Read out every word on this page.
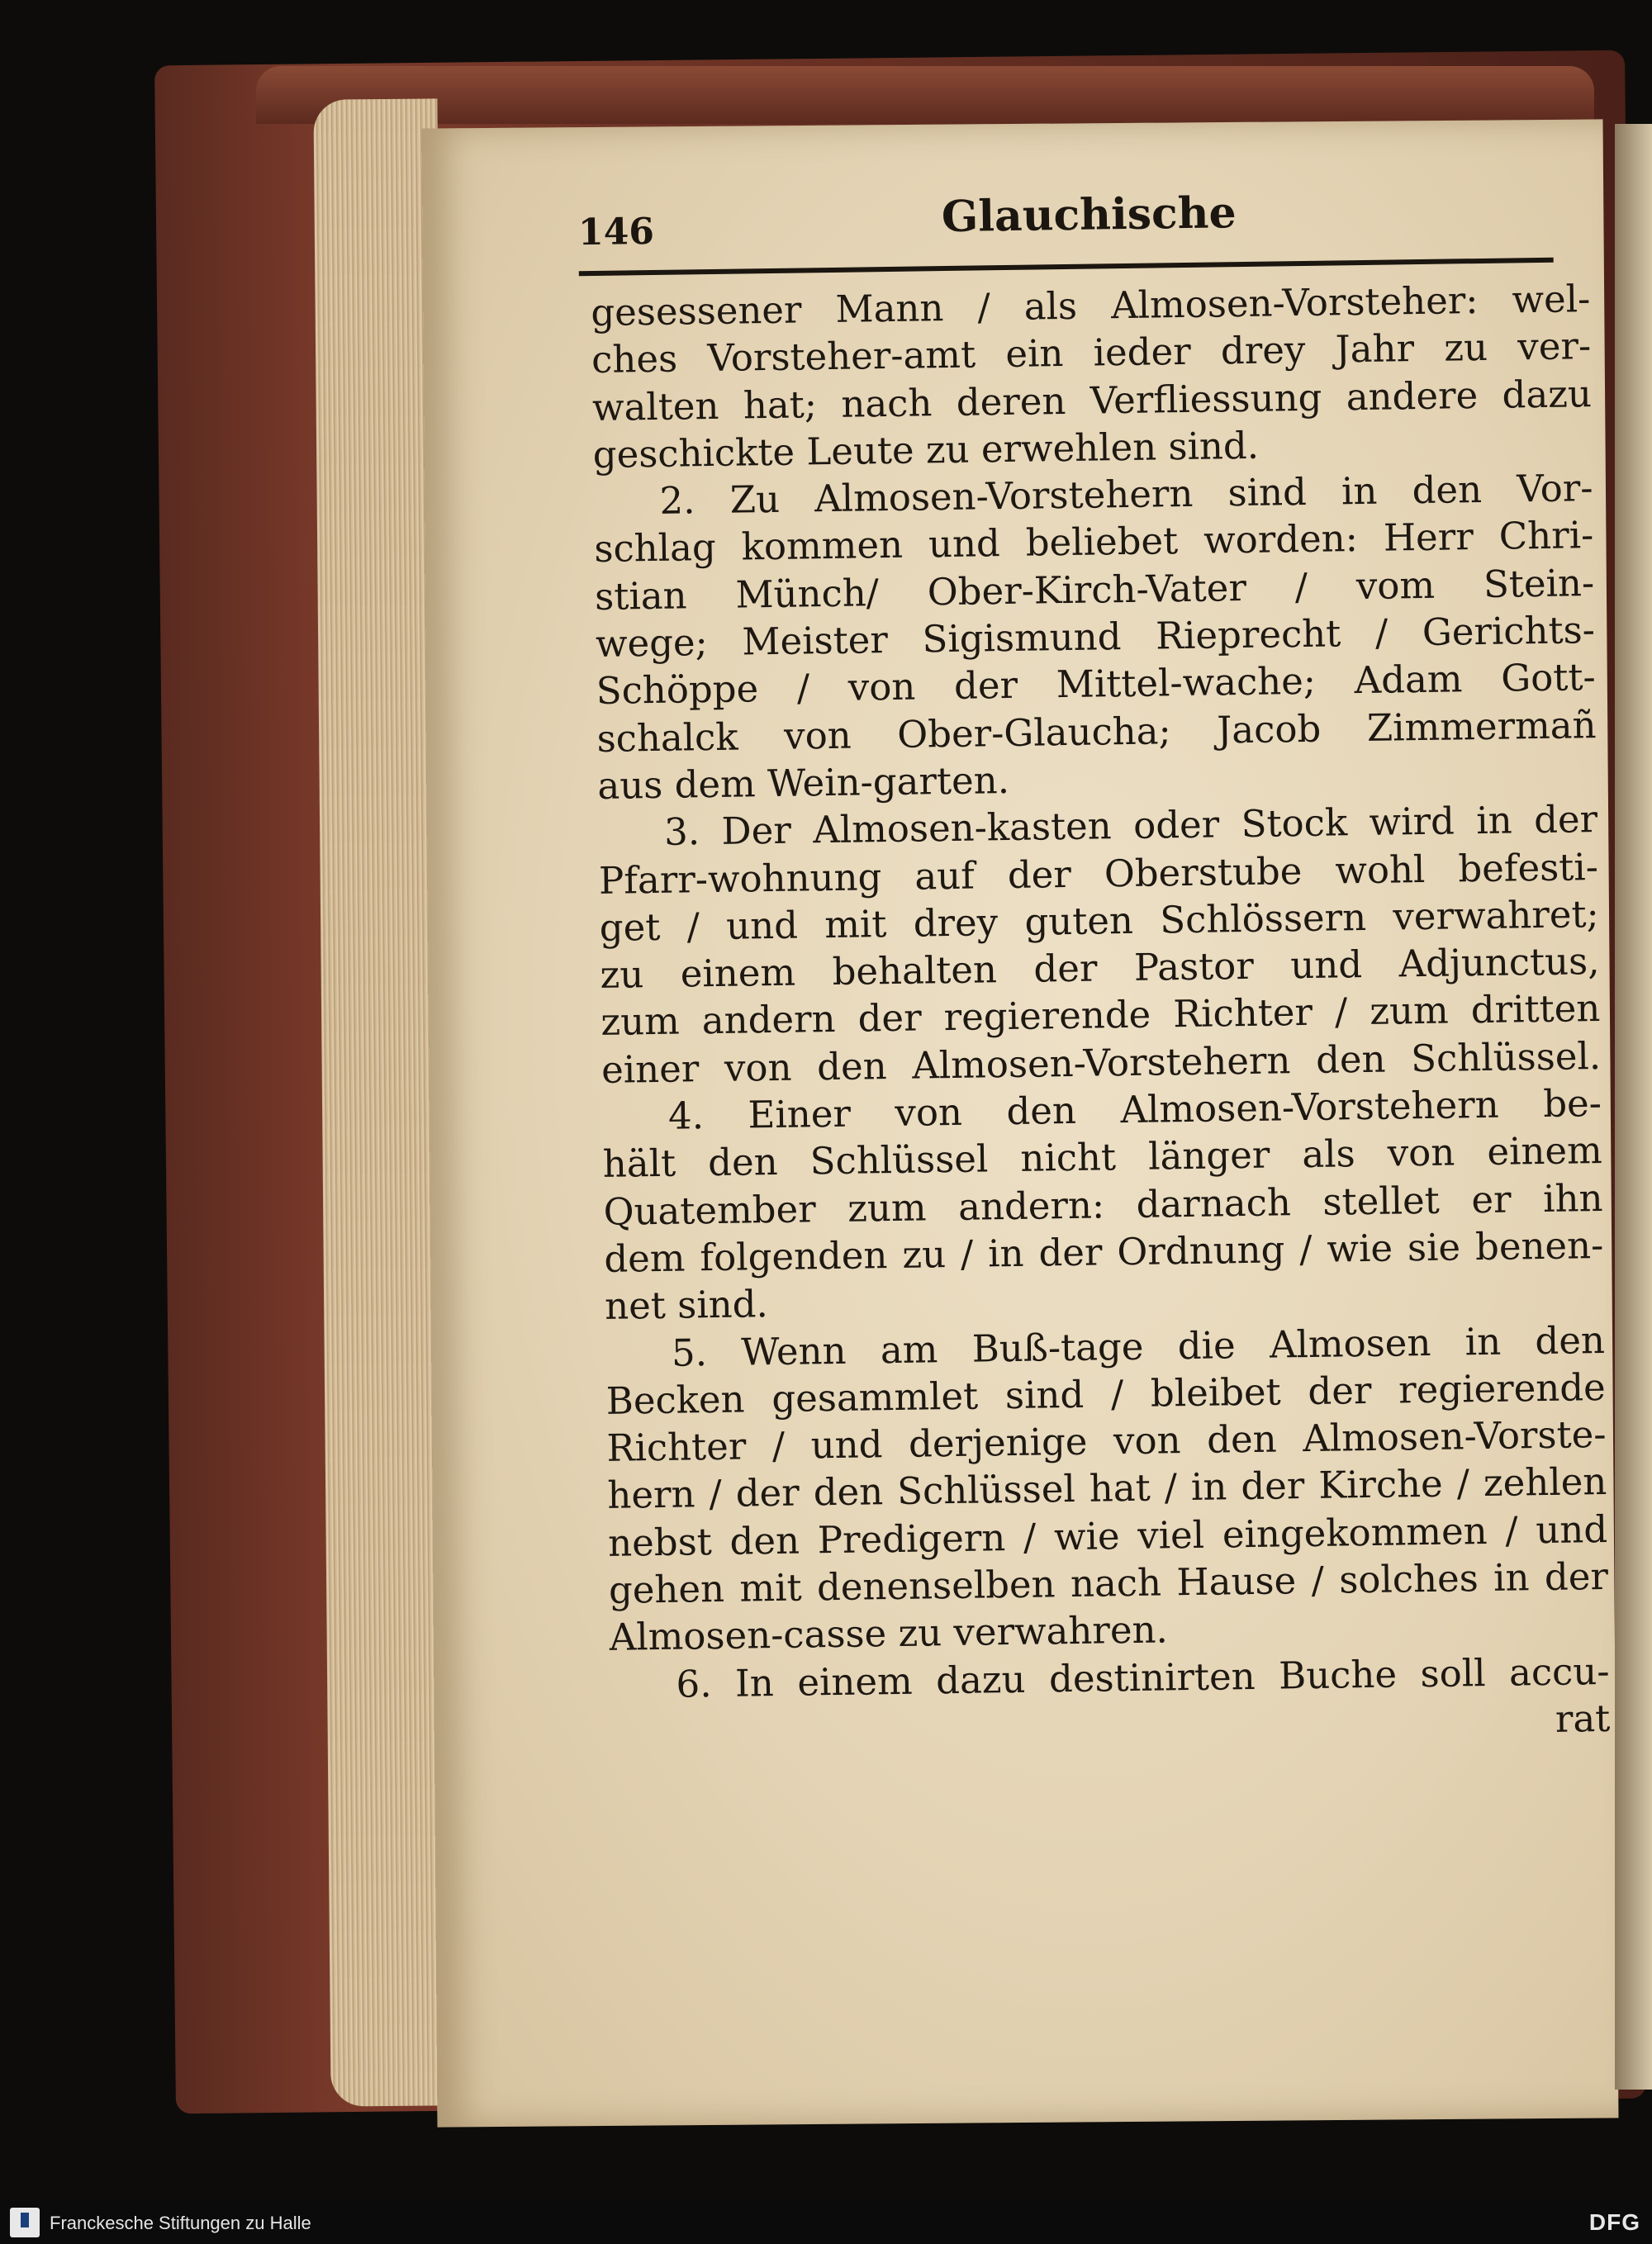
146	Glauchische
gesessener Mann / als Almosen-Vorsteher: wel-
ches Vorsteher-amt ein ieder drey Jahr zu ver-
walten hat; nach deren Verfliessung andere dazu
geschickte Leute zu erwehlen sind.
2. Zu Almosen-Vorstehern sind in den Vor-
schlag kommen und beliebet worden: Herr Chri-
stian Münch/ Ober-Kirch-Vater / vom Stein-
wege; Meister Sigismund Rieprecht / Gerichts-
Schöppe / von der Mittel-wache; Adam Gott-
schalck von Ober-Glaucha; Jacob Zimmermañ
aus dem Wein-garten.
3. Der Almosen-kasten oder Stock wird in der
Pfarr-wohnung auf der Oberstube wohl befesti-
get / und mit drey guten Schlössern verwahret;
zu einem behalten der Pastor und Adjunctus,
zum andern der regierende Richter / zum dritten
einer von den Almosen-Vorstehern den Schlüssel.
4. Einer von den Almosen-Vorstehern be-
hält den Schlüssel nicht länger als von einem
Quatember zum andern: darnach stellet er ihn
dem folgenden zu / in der Ordnung / wie sie benen-
net sind.
5. Wenn am Buß-tage die Almosen in den
Becken gesammlet sind / bleibet der regierende
Richter / und derjenige von den Almosen-Vorste-
hern / der den Schlüssel hat / in der Kirche / zehlen
nebst den Predigern / wie viel eingekommen / und
gehen mit denenselben nach Hause / solches in der
Almosen-casse zu verwahren.
6. In einem dazu destinirten Buche soll accu-
rat
Franckesche Stiftungen zu Halle	DFG
